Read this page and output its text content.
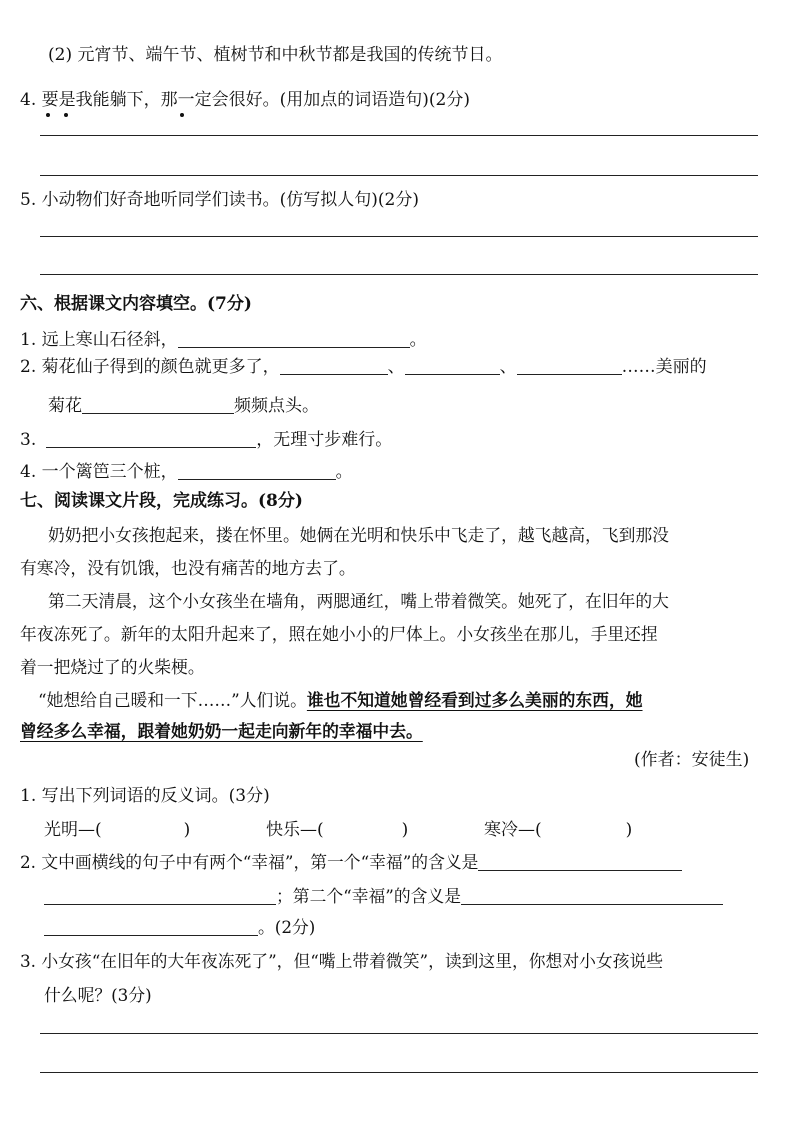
(2) 元宵节、端午节、植树节和中秋节都是我国的传统节日。
4. 要是我能躺下，那一定会很好。(用加点的词语造句)(2分)
5. 小动物们好奇地听同学们读书。(仿写拟人句)(2分)
六、根据课文内容填空。(7分)
1. 远上寒山石径斜，	。
2. 菊花仙子得到的颜色就更多了，	、	、	……美丽的
菊花	频频点头。
3.	，无理寸步难行。
4. 一个篱笆三个桩，	。
七、阅读课文片段，完成练习。(8分)
奶奶把小女孩抱起来，搂在怀里。她俩在光明和快乐中飞走了，越飞越高，飞到那没
有寒冷，没有饥饿，也没有痛苦的地方去了。
第二天清晨，这个小女孩坐在墙角，两腮通红，嘴上带着微笑。她死了，在旧年的大
年夜冻死了。新年的太阳升起来了，照在她小小的尸体上。小女孩坐在那儿，手里还捏
着一把烧过了的火柴梗。
“她想给自己暖和一下……”人们说。谁也不知道她曾经看到过多么美丽的东西，她
曾经多么幸福，跟着她奶奶一起走向新年的幸福中去。
(作者：安徒生)
1. 写出下列词语的反义词。(3分)
光明—(	)	快乐—(	)	寒冷—(	)
2. 文中画横线的句子中有两个“幸福”，第一个“幸福”的含义是
；第二个“幸福”的含义是
。(2分)
3. 小女孩“在旧年的大年夜冻死了”，但“嘴上带着微笑”，读到这里，你想对小女孩说些
什么呢？(3分)
